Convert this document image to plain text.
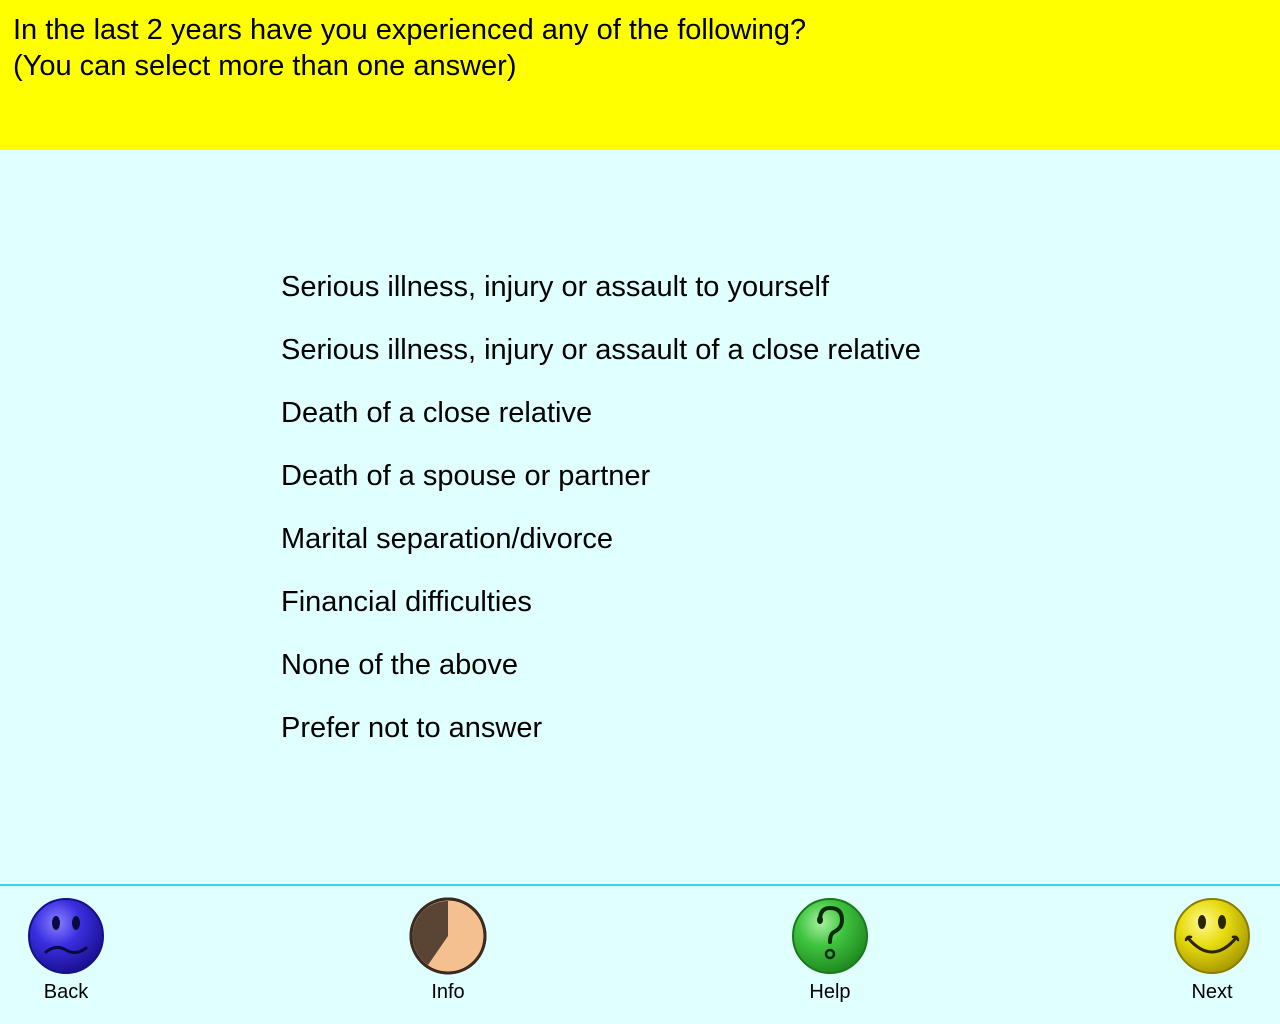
In the last 2 years have you experienced any of the following?
(You can select more than one answer)
Serious illness, injury or assault to yourself
Serious illness, injury or assault of a close relative
Death of a close relative
Death of a spouse or partner
Marital separation/divorce
Financial difficulties
None of the above
Prefer not to answer
Back	Info	Help	Next
